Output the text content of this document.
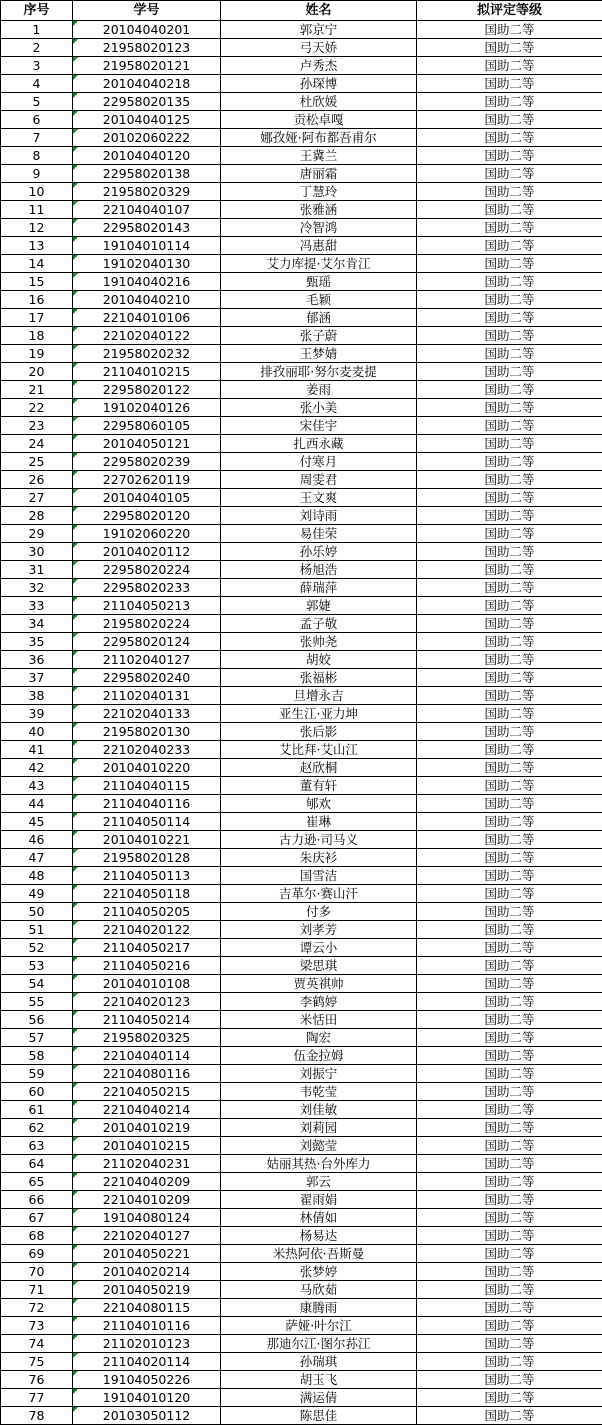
序号	学号	姓名	拟评定等级
1	20104040201	郭京宁	国助二等
2	21958020123	弓天娇	国助二等
3	21958020121	卢秀杰	国助二等
4	20104040218	孙琛博	国助二等
5	22958020135	杜欣媛	国助二等
6	20104040125	贡松卓嘎	国助二等
7	20102060222	娜孜娅·阿布都吾甫尔	国助二等
8	20104040120	王冀兰	国助二等
9	22958020138	唐丽霜	国助二等
10	21958020329	丁慧玲	国助二等
11	22104040107	张雅涵	国助二等
12	22958020143	冷智鸿	国助二等
13	19104010114	冯惠甜	国助二等
14	19102040130	艾力库提·艾尔肯江	国助二等
15	19104040216	甄瑶	国助二等
16	20104040210	毛颖	国助二等
17	22104010106	郁涵	国助二等
18	22102040122	张子蔚	国助二等
19	21958020232	王梦婧	国助二等
20	21104010215	排孜丽耶·努尔麦麦提	国助二等
21	22958020122	姜雨	国助二等
22	19102040126	张小美	国助二等
23	22958060105	宋佳宇	国助二等
24	20104050121	扎西永藏	国助二等
25	22958020239	付寒月	国助二等
26	22702620119	周雯君	国助二等
27	20104040105	王文爽	国助二等
28	22958020120	刘诗雨	国助二等
29	19102060220	易佳荣	国助二等
30	20104020112	孙乐婷	国助二等
31	22958020224	杨旭浩	国助二等
32	22958020233	薛瑞萍	国助二等
33	21104050213	郭婕	国助二等
34	21958020224	孟子敬	国助二等
35	22958020124	张帅尧	国助二等
36	21102040127	胡姣	国助二等
37	22958020240	张福彬	国助二等
38	21102040131	旦增永吉	国助二等
39	22102040133	亚生江·亚力坤	国助二等
40	21958020130	张后影	国助二等
41	22102040233	艾比拜·艾山江	国助二等
42	20104010220	赵欣桐	国助二等
43	21104040115	董有轩	国助二等
44	21104040116	郇欢	国助二等
45	21104050114	崔琳	国助二等
46	20104010221	古力逊·司马义	国助二等
47	21958020128	朱庆衫	国助二等
48	21104050113	国雪洁	国助二等
49	22104050118	吉革尔·赛山汗	国助二等
50	21104050205	付多	国助二等
51	22104020122	刘孝芳	国助二等
52	21104050217	谭云小	国助二等
53	21104050216	梁思琪	国助二等
54	20104010108	贾英祺帅	国助二等
55	22104020123	李鹤婷	国助二等
56	21104050214	米恬田	国助二等
57	21958020325	陶宏	国助二等
58	22104040114	伍金拉姆	国助二等
59	22104080116	刘振宁	国助二等
60	22104050215	韦乾莹	国助二等
61	22104040214	刘佳敏	国助二等
62	20104010219	刘莉园	国助二等
63	20104010215	刘懿莹	国助二等
64	21102040231	姑丽其热·台外库力	国助二等
65	22104040209	郭云	国助二等
66	22104010209	翟雨娟	国助二等
67	19104080124	林倩如	国助二等
68	22102040127	杨易达	国助二等
69	20104050221	米热阿依·吾斯曼	国助二等
70	20104020214	张梦婷	国助二等
71	20104050219	马欣茹	国助二等
72	22104080115	康腾雨	国助二等
73	21104010116	萨娅·叶尔江	国助二等
74	21102010123	那迪尔江·图尔荪江	国助二等
75	21104020114	孙瑞琪	国助二等
76	19104050226	胡玉飞	国助二等
77	19104010120	满运倩	国助二等
78	20103050112	陈思佳	国助二等
